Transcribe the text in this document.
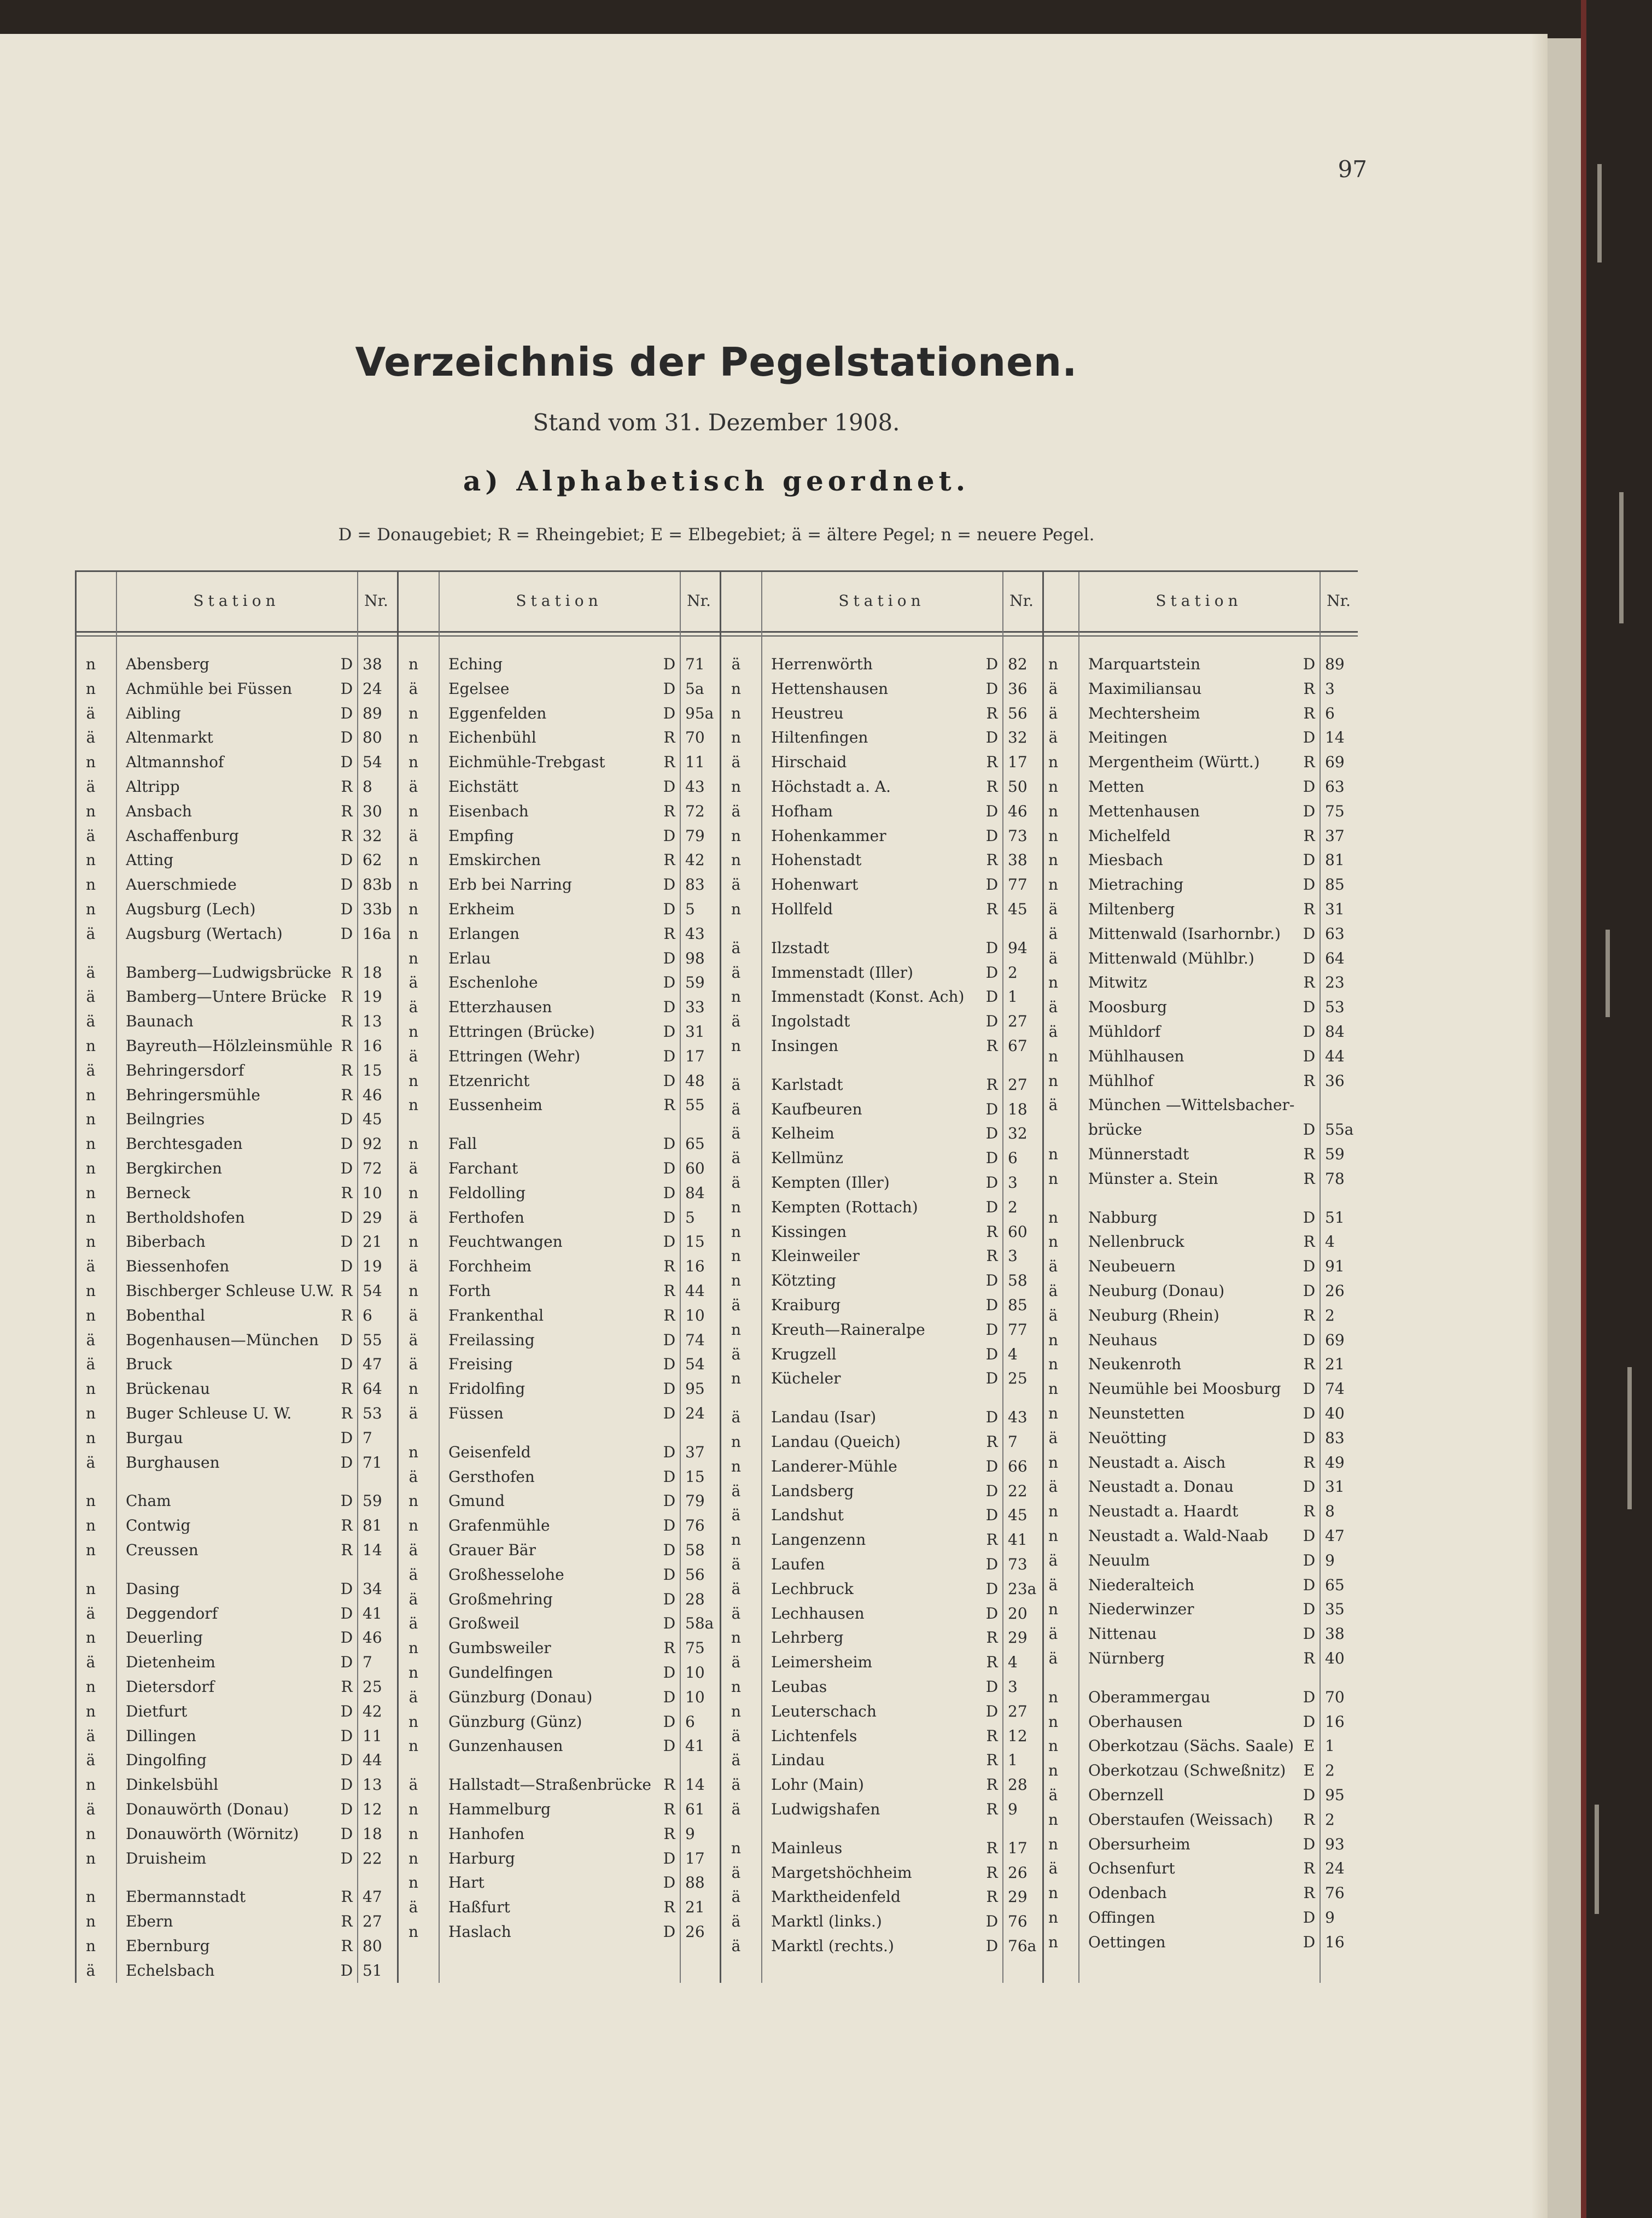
97
Verzeichnis der Pegelstationen.
Stand vom 31. Dezember 1908.
a) Alphabetisch geordnet.
D = Donaugebiet; R = Rheingebiet; E = Elbegebiet; ä = ältere Pegel; n = neuere Pegel.
Station	Nr.
n	Abensberg	D 38
n	Achmühle bei Füssen	D 24
ä	Aibling	D 89
ä	Altenmarkt	D 80
n	Altmannshof	D 54
ä	Altripp	R 8
n	Ansbach	R 30
ä	Aschaffenburg	R 32
n	Atting	D 62
n	Auerschmiede	D 83b
n	Augsburg (Lech)	D 33b
ä	Augsburg (Wertach)	D 16a
ä	Bamberg—Ludwigsbrücke R 18
ä	Bamberg—Untere Brücke R 19
ä	Baunach	R 13
n	Bayreuth—Hölzleinsmühle R 16
ä	Behringersdorf	R 15
n	Behringersmühle	R 46
n	Beilngries	D 45
n	Berchtesgaden	D 92
n	Bergkirchen	D 72
n	Berneck	R 10
n	Bertholdshofen	D 29
n	Biberbach	D 21
ä	Biessenhofen	D 19
n	Bischberger Schleuse U.W. R 54
n	Bobenthal	R 6
ä	Bogenhausen—München	D 55
ä	Bruck	D 47
n	Brückenau	R 64
n	Buger Schleuse U. W.	R 53
n	Burgau	D 7
ä	Burghausen	D 71
n	Cham	D 59
n	Contwig	R 81
n	Creussen	R 14
n	Dasing	D 34
ä	Deggendorf	D 41
n	Deuerling	D 46
ä	Dietenheim	D 7
n	Dietersdorf	R 25
n	Dietfurt	D 42
ä	Dillingen	D 11
ä	Dingolfing	D 44
n	Dinkelsbühl	D 13
ä	Donauwörth (Donau)	D 12
n	Donauwörth (Wörnitz)	D 18
n	Druisheim	D 22
n	Ebermannstadt	R 47
n	Ebern	R 27
n	Ebernburg	R 80
ä	Echelsbach	D 51
Station	Nr.
n	Eching	D 71
ä	Egelsee	D 5a
n	Eggenfelden	D 95a
n	Eichenbühl	R 70
n	Eichmühle-Trebgast	R 11
ä	Eichstätt	D 43
n	Eisenbach	R 72
ä	Empfing	D 79
n	Emskirchen	R 42
n	Erb bei Narring	D 83
n	Erkheim	D 5
n	Erlangen	R 43
n	Erlau	D 98
ä	Eschenlohe	D 59
ä	Etterzhausen	D 33
n	Ettringen (Brücke)	D 31
ä	Ettringen (Wehr)	D 17
n	Etzenricht	D 48
n	Eussenheim	R 55
n	Fall	D 65
ä	Farchant	D 60
n	Feldolling	D 84
ä	Ferthofen	D 5
n	Feuchtwangen	D 15
ä	Forchheim	R 16
n	Forth	R 44
ä	Frankenthal	R 10
ä	Freilassing	D 74
ä	Freising	D 54
n	Fridolfing	D 95
ä	Füssen	D 24
n	Geisenfeld	D 37
ä	Gersthofen	D 15
n	Gmund	D 79
n	Grafenmühle	D 76
ä	Grauer Bär	D 58
ä	Großhesselohe	D 56
ä	Großmehring	D 28
ä	Großweil	D 58a
n	Gumbsweiler	R 75
n	Gundelfingen	D 10
ä	Günzburg (Donau)	D 10
n	Günzburg (Günz)	D 6
n	Gunzenhausen	D 41
ä	Hallstadt—Straßenbrücke R 14
n	Hammelburg	R 61
n	Hanhofen	R 9
n	Harburg	D 17
n	Hart	D 88
ä	Haßfurt	R 21
n	Haslach	D 26
Station	Nr.
ä	Herrenwörth	D 82
n	Hettenshausen	D 36
n	Heustreu	R 56
n	Hiltenfingen	D 32
ä	Hirschaid	R 17
n	Höchstadt a. A.	R 50
ä	Hofham	D 46
n	Hohenkammer	D 73
n	Hohenstadt	R 38
ä	Hohenwart	D 77
n	Hollfeld	R 45
ä	Ilzstadt	D 94
ä	Immenstadt (Iller)	D 2
n	Immenstadt (Konst. Ach)	D 1
ä	Ingolstadt	D 27
n	Insingen	R 67
ä	Karlstadt	R 27
ä	Kaufbeuren	D 18
ä	Kelheim	D 32
ä	Kellmünz	D 6
ä	Kempten (Iller)	D 3
n	Kempten (Rottach)	D 2
n	Kissingen	R 60
n	Kleinweiler	R 3
n	Kötzting	D 58
ä	Kraiburg	D 85
n	Kreuth—Raineralpe	D 77
ä	Krugzell	D 4
n	Kücheler	D 25
ä	Landau (Isar)	D 43
n	Landau (Queich)	R 7
n	Landerer-Mühle	D 66
ä	Landsberg	D 22
ä	Landshut	D 45
n	Langenzenn	R 41
ä	Laufen	D 73
ä	Lechbruck	D 23a
ä	Lechhausen	D 20
n	Lehrberg	R 29
ä	Leimersheim	R 4
n	Leubas	D 3
n	Leuterschach	D 27
ä	Lichtenfels	R 12
ä	Lindau	R 1
ä	Lohr (Main)	R 28
ä	Ludwigshafen	R 9
n	Mainleus	R 17
ä	Margetshöchheim	R 26
ä	Marktheidenfeld	R 29
ä	Marktl (links.)	D 76
ä	Marktl (rechts.)	D 76a
Station	Nr.
n	Marquartstein	D 89
ä	Maximiliansau	R 3
ä	Mechtersheim	R 6
ä	Meitingen	D 14
n	Mergentheim (Württ.)	R 69
n	Metten	D 63
n	Mettenhausen	D 75
n	Michelfeld	R 37
n	Miesbach	D 81
n	Mietraching	D 85
ä	Miltenberg	R 31
ä	Mittenwald (Isarhornbr.)	D 63
ä	Mittenwald (Mühlbr.)	D 64
n	Mitwitz	R 23
ä	Moosburg	D 53
ä	Mühldorf	D 84
n	Mühlhausen	D 44
n	Mühlhof	R 36
ä	München —Wittelsbacher-
brücke	D 55a
n	Münnerstadt	R 59
n	Münster a. Stein	R 78
n	Nabburg	D 51
n	Nellenbruck	R 4
ä	Neubeuern	D 91
ä	Neuburg (Donau)	D 26
ä	Neuburg (Rhein)	R 2
n	Neuhaus	D 69
n	Neukenroth	R 21
n	Neumühle bei Moosburg	D 74
n	Neunstetten	D 40
ä	Neuötting	D 83
n	Neustadt a. Aisch	R 49
ä	Neustadt a. Donau	D 31
n	Neustadt a. Haardt	R 8
n	Neustadt a. Wald-Naab	D 47
ä	Neuulm	D 9
ä	Niederalteich	D 65
n	Niederwinzer	D 35
ä	Nittenau	D 38
ä	Nürnberg	R 40
n	Oberammergau	D 70
n	Oberhausen	D 16
n	Oberkotzau (Sächs. Saale) E 1
n	Oberkotzau (Schweßnitz)	E 2
ä	Obernzell	D 95
n	Oberstaufen (Weissach)	R 2
n	Obersurheim	D 93
ä	Ochsenfurt	R 24
n	Odenbach	R 76
n	Offingen	D 9
n	Oettingen	D 16
